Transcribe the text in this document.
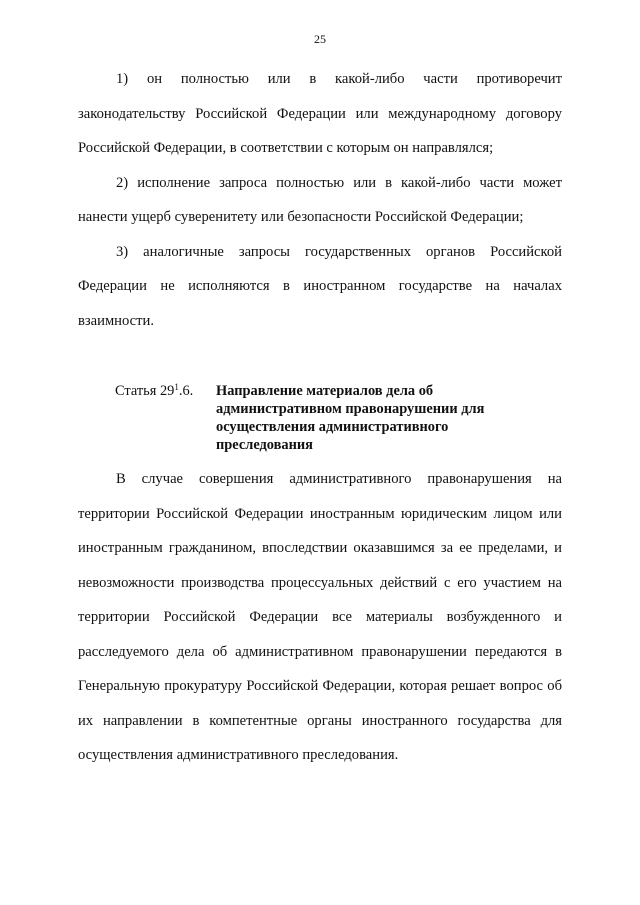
25

1) он полностью или в какой-либо части противоречит законодательству Российской Федерации или международному договору Российской Федерации, в соответствии с которым он направлялся;

2) исполнение запроса полностью или в какой-либо части может нанести ущерб суверенитету или безопасности Российской Федерации;

3) аналогичные запросы государственных органов Российской Федерации не исполняются в иностранном государстве на началах взаимности.

Статья $29^1.6$. Направление материалов дела об административном правонарушении для осуществления административного преследования

В случае совершения административного правонарушения на территории Российской Федерации иностранным юридическим лицом или иностранным гражданином, впоследствии оказавшимся за ее пределами, и невозможности производства процессуальных действий с его участием на территории Российской Федерации все материалы возбужденного и расследуемого дела об административном правонарушении передаются в Генеральную прокуратуру Российской Федерации, которая решает вопрос об их направлении в компетентные органы иностранного государства для осуществления административного преследования.
